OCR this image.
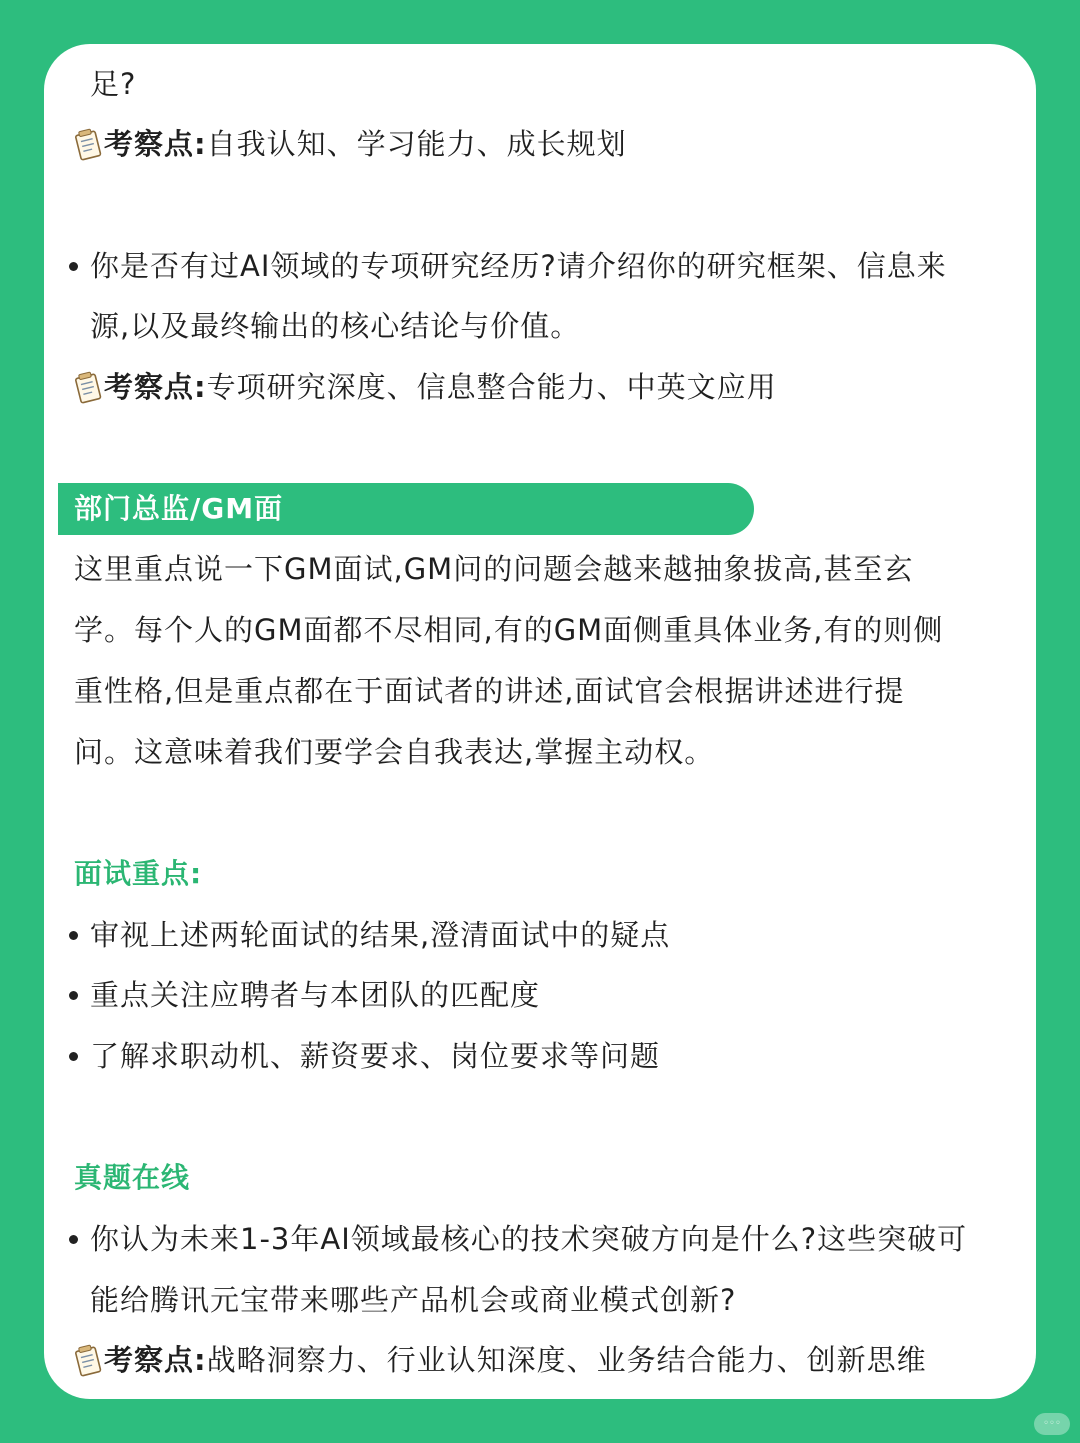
足?
考察点:自我认知、学习能力、成长规划
你是否有过AI领域的专项研究经历?请介绍你的研究框架、信息来
源,以及最终输出的核心结论与价值。
考察点:专项研究深度、信息整合能力、中英文应用
部门总监/GM面
这里重点说一下GM面试,GM问的问题会越来越抽象拔高,甚至玄
学。每个人的GM面都不尽相同,有的GM面侧重具体业务,有的则侧
重性格,但是重点都在于面试者的讲述,面试官会根据讲述进行提
问。这意味着我们要学会自我表达,掌握主动权。
面试重点:
审视上述两轮面试的结果,澄清面试中的疑点
重点关注应聘者与本团队的匹配度
了解求职动机、薪资要求、岗位要求等问题
真题在线
你认为未来1-3年AI领域最核心的技术突破方向是什么?这些突破可
能给腾讯元宝带来哪些产品机会或商业模式创新?
考察点:战略洞察力、行业认知深度、业务结合能力、创新思维
◦◦◦
